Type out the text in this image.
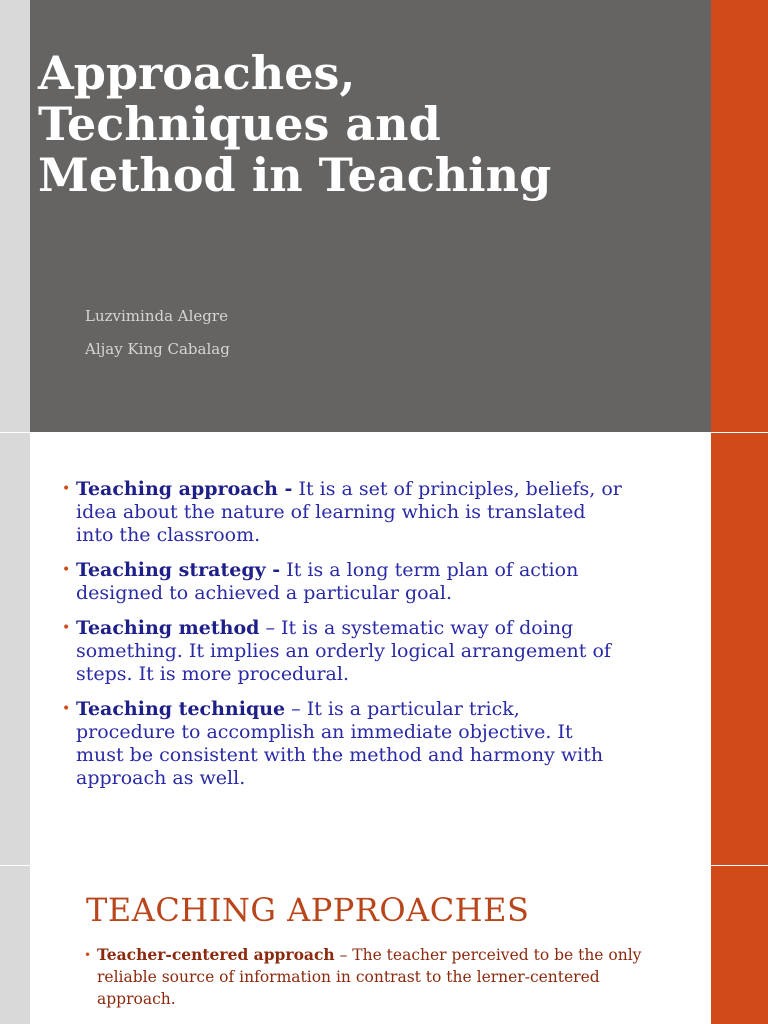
Approaches,
Techniques and
Method in Teaching

Luzviminda Alegre

Aljay King Cabalag

• Teaching approach - It is a set of principles, beliefs, or idea about the nature of learning which is translated into the classroom.
• Teaching strategy - It is a long term plan of action designed to achieved a particular goal.
• Teaching method – It is a systematic way of doing something. It implies an orderly logical arrangement of steps. It is more procedural.
• Teaching technique – It is a particular trick, procedure to accomplish an immediate objective. It must be consistent with the method and harmony with approach as well.
TEACHING APPROACHES
• Teacher-centered approach – The teacher perceived to be the only reliable source of information in contrast to the lerner-centered approach.
